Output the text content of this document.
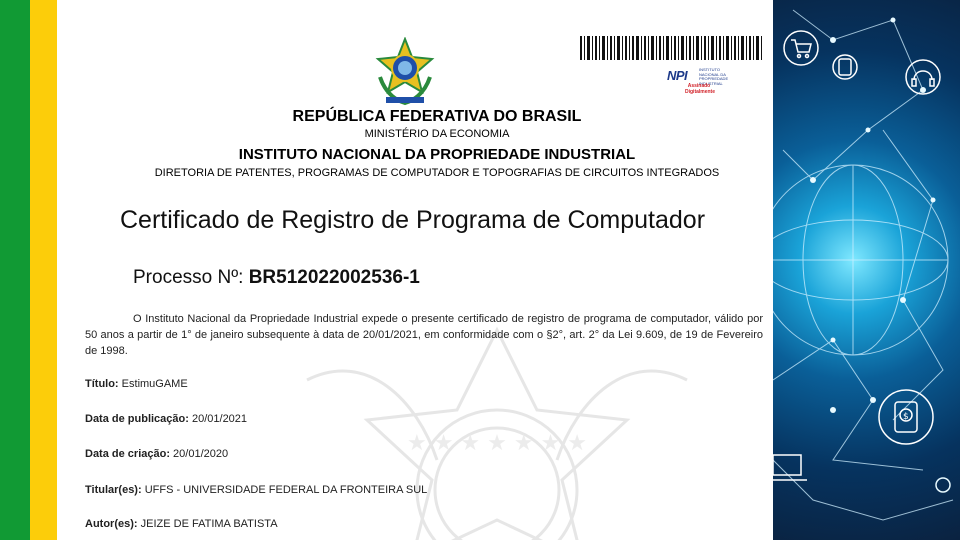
★ ★ ★ ★ ★ ★ ★
NPI	INSTITUTO NACIONAL DA PROPRIEDADE INDUSTRIAL
Assinado Digitalmente
REPÚBLICA FEDERATIVA DO BRASIL
MINISTÉRIO DA ECONOMIA
INSTITUTO NACIONAL DA PROPRIEDADE INDUSTRIAL
DIRETORIA DE PATENTES, PROGRAMAS DE COMPUTADOR E TOPOGRAFIAS DE CIRCUITOS INTEGRADOS
Certificado de Registro de Programa de Computador
Processo Nº: BR512022002536-1
O Instituto Nacional da Propriedade Industrial expede o presente certificado de registro de programa de computador, válido por 50 anos a partir de 1° de janeiro subsequente à data de 20/01/2021, em conformidade com o §2°, art. 2° da Lei 9.609, de 19 de Fevereiro de 1998.
Título: EstimuGAME
Data de publicação: 20/01/2021
Data de criação: 20/01/2020
Titular(es): UFFS - UNIVERSIDADE FEDERAL DA FRONTEIRA SUL
Autor(es): JEIZE DE FATIMA BATISTA
$
